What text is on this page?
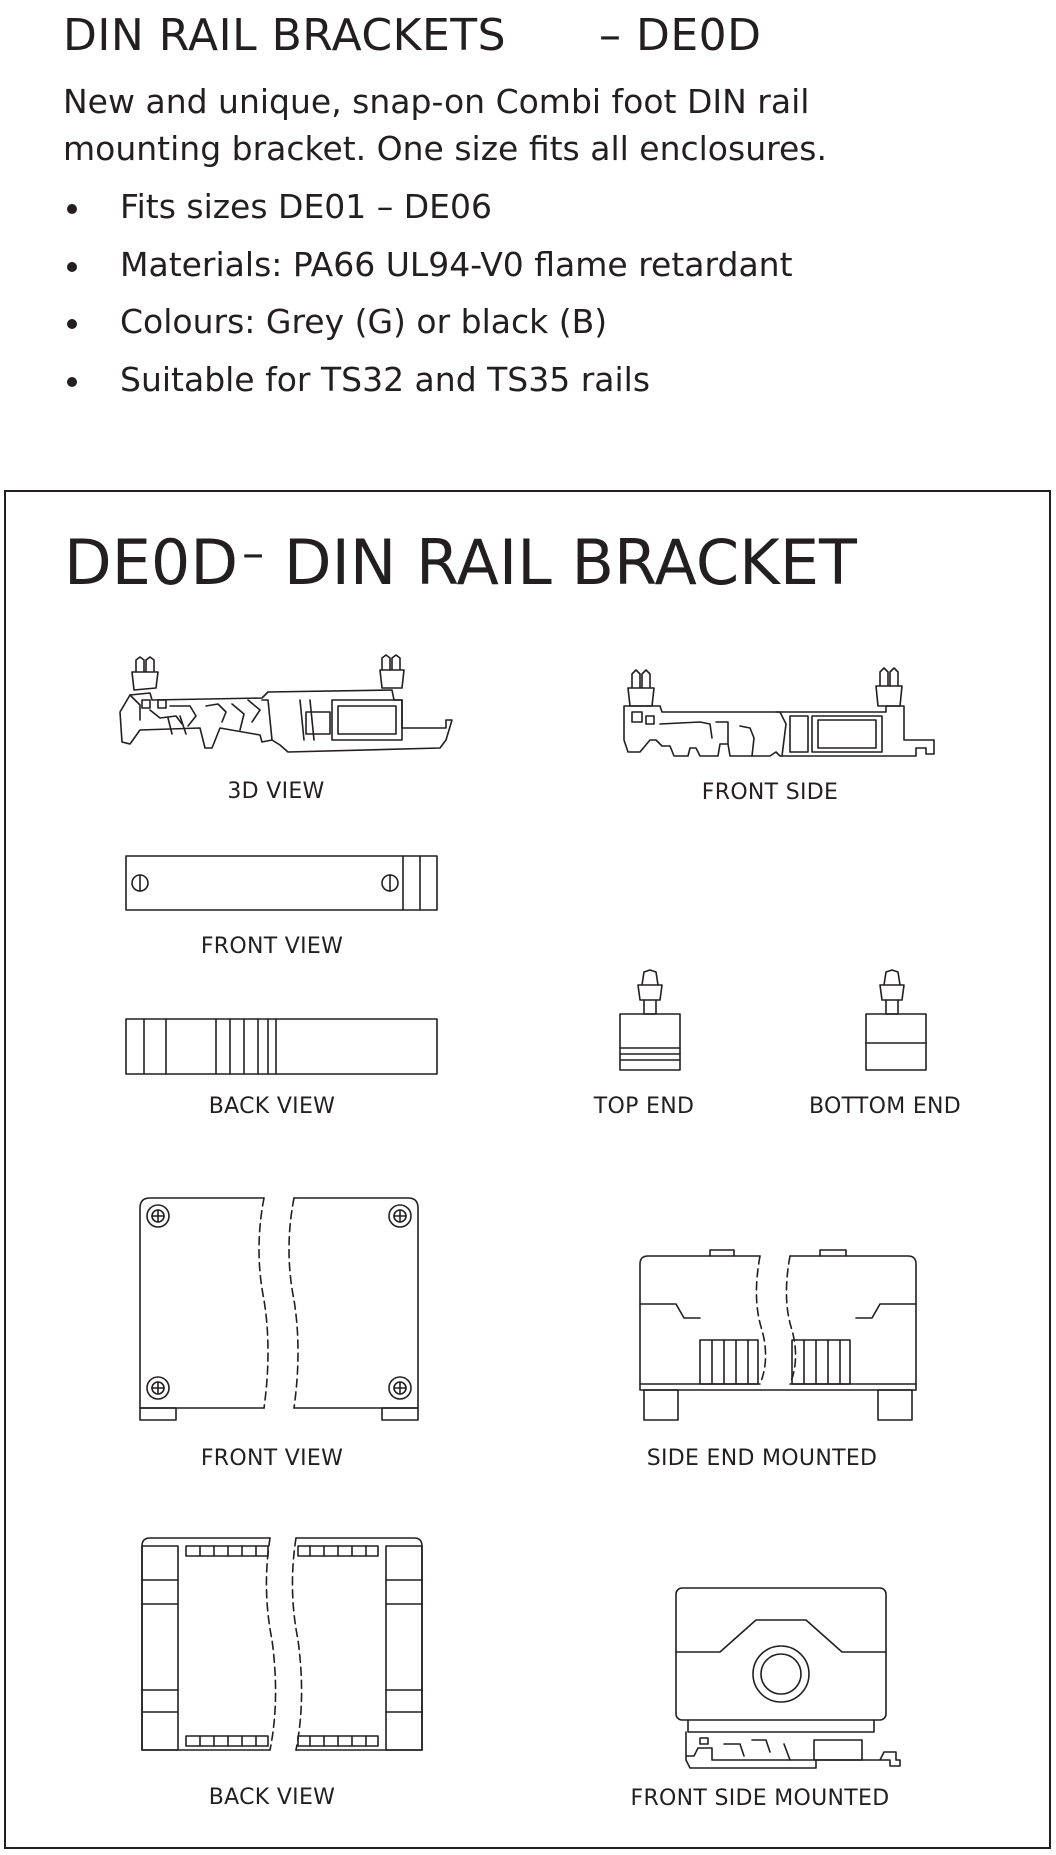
DIN RAIL BRACKETS – DE0D
New and unique, snap-on Combi foot DIN rail
mounting bracket. One size fits all enclosures.
Fits sizes DE01 – DE06
Materials: PA66 UL94-V0 flame retardant
Colours: Grey (G) or black (B)
Suitable for TS32 and TS35 rails
DE0D– DIN RAIL BRACKET
3D VIEW	FRONT SIDE
FRONT VIEW
BACK VIEW	TOP END	BOTTOM END
FRONT VIEW	SIDE END MOUNTED
BACK VIEW	FRONT SIDE MOUNTED
